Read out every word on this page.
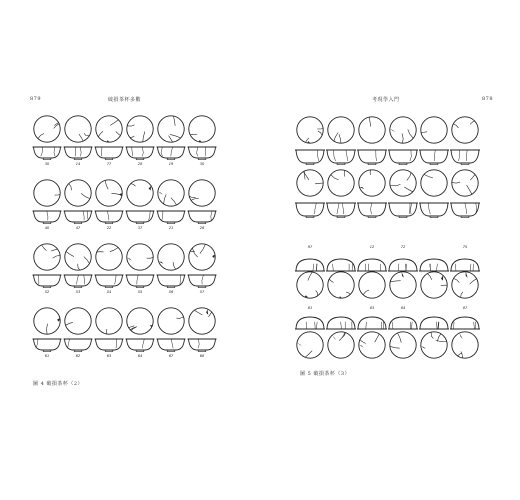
879	破損茶杯多數
30	14	77	28	19	30
40	47	22	37	21	26
52	53	54	55	56	57
61	62	63	64	67	68
圖 4 破損茶杯（2）
考現學入門	878
97
81
12
83
72
84
75
87
圖 5 破損茶杯（3）
